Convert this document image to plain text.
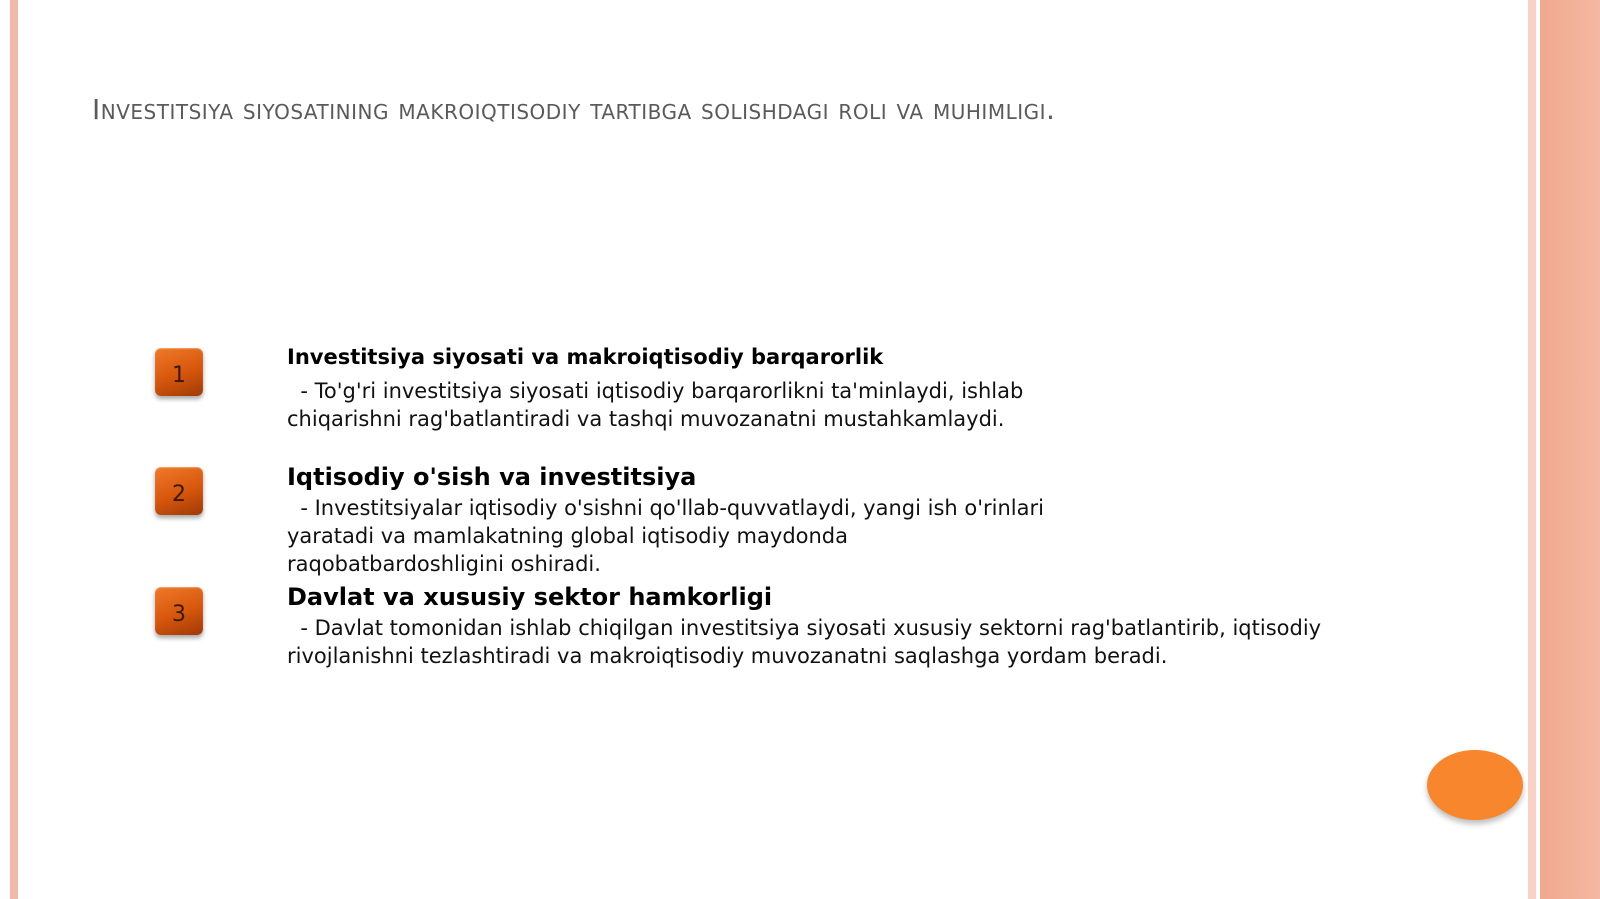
Investitsiya siyosatining makroiqtisodiy tartibga solishdagi roli va muhimligi.
1
Investitsiya siyosati va makroiqtisodiy barqarorlik
- To'g'ri investitsiya siyosati iqtisodiy barqarorlikni ta'minlaydi, ishlab
chiqarishni rag'batlantiradi va tashqi muvozanatni mustahkamlaydi.
2
Iqtisodiy o'sish va investitsiya
- Investitsiyalar iqtisodiy o'sishni qo'llab-quvvatlaydi, yangi ish o'rinlari
yaratadi va mamlakatning global iqtisodiy maydonda
raqobatbardoshligini oshiradi.
3
Davlat va xususiy sektor hamkorligi
- Davlat tomonidan ishlab chiqilgan investitsiya siyosati xususiy sektorni rag'batlantirib, iqtisodiy
rivojlanishni tezlashtiradi va makroiqtisodiy muvozanatni saqlashga yordam beradi.
